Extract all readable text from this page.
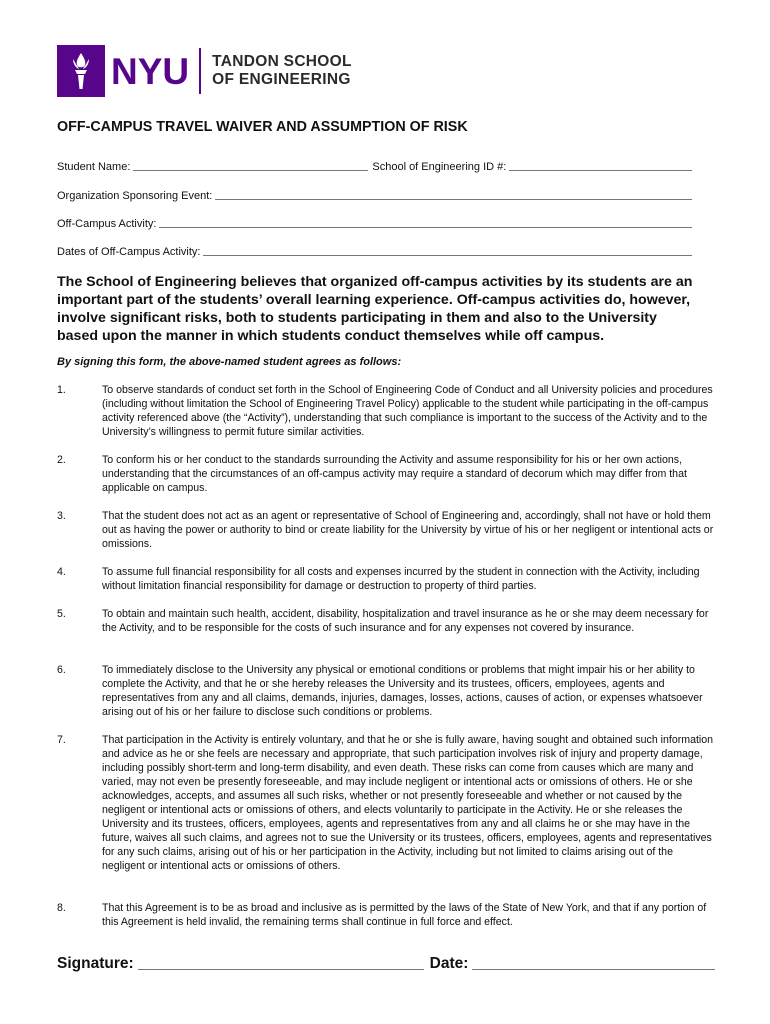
NYU TANDON SCHOOL
OF ENGINEERING
OFF-CAMPUS TRAVEL WAIVER AND ASSUMPTION OF RISK
Student Name:	School of Engineering ID #:
Organization Sponsoring Event:
Off-Campus Activity:
Dates of Off-Campus Activity:

The School of Engineering believes that organized off-campus activities by its students are an important part of the students’ overall learning experience. Off-campus activities do, however, involve significant risks, both to students participating in them and also to the University based upon the manner in which students conduct themselves while off campus.

By signing this form, the above-named student agrees as follows:

1.	To observe standards of conduct set forth in the School of Engineering Code of Conduct and all University policies and procedures (including without limitation the School of Engineering Travel Policy) applicable to the student while participating in the off-campus activity referenced above (the “Activity”), understanding that such compliance is important to the success of the Activity and to the University’s willingness to permit future similar activities.
2.	To conform his or her conduct to the standards surrounding the Activity and assume responsibility for his or her own actions, understanding that the circumstances of an off-campus activity may require a standard of decorum which may differ from that applicable on campus.
3.	That the student does not act as an agent or representative of School of Engineering and, accordingly, shall not have or hold them out as having the power or authority to bind or create liability for the University by virtue of his or her negligent or intentional acts or omissions.
4.	To assume full financial responsibility for all costs and expenses incurred by the student in connection with the Activity, including without limitation financial responsibility for damage or destruction to property of third parties.
5.	To obtain and maintain such health, accident, disability, hospitalization and travel insurance as he or she may deem necessary for the Activity, and to be responsible for the costs of such insurance and for any expenses not covered by insurance.
6.	To immediately disclose to the University any physical or emotional conditions or problems that might impair his or her ability to complete the Activity, and that he or she hereby releases the University and its trustees, officers, employees, agents and representatives from any and all claims, demands, injuries, damages, losses, actions, causes of action, or expenses whatsoever arising out of his or her failure to disclose such conditions or problems.
7.	That participation in the Activity is entirely voluntary, and that he or she is fully aware, having sought and obtained such information and advice as he or she feels are necessary and appropriate, that such participation involves risk of injury and property damage, including possibly short-term and long-term disability, and even death. These risks can come from causes which are many and varied, may not even be presently foreseeable, and may include negligent or intentional acts or omissions of others. He or she acknowledges, accepts, and assumes all such risks, whether or not presently foreseeable and whether or not caused by the negligent or intentional acts or omissions of others, and elects voluntarily to participate in the Activity. He or she releases the University and its trustees, officers, employees, agents and representatives from any and all claims he or she may have in the future, waives all such claims, and agrees not to sue the University or its trustees, officers, employees, agents and representatives for any such claims, arising out of his or her participation in the Activity, including but not limited to claims arising out of the negligent or intentional acts or omissions of others.
8.	That this Agreement is to be as broad and inclusive as is permitted by the laws of the State of New York, and that if any portion of this Agreement is held invalid, the remaining terms shall continue in full force and effect.
Signature:	Date:
